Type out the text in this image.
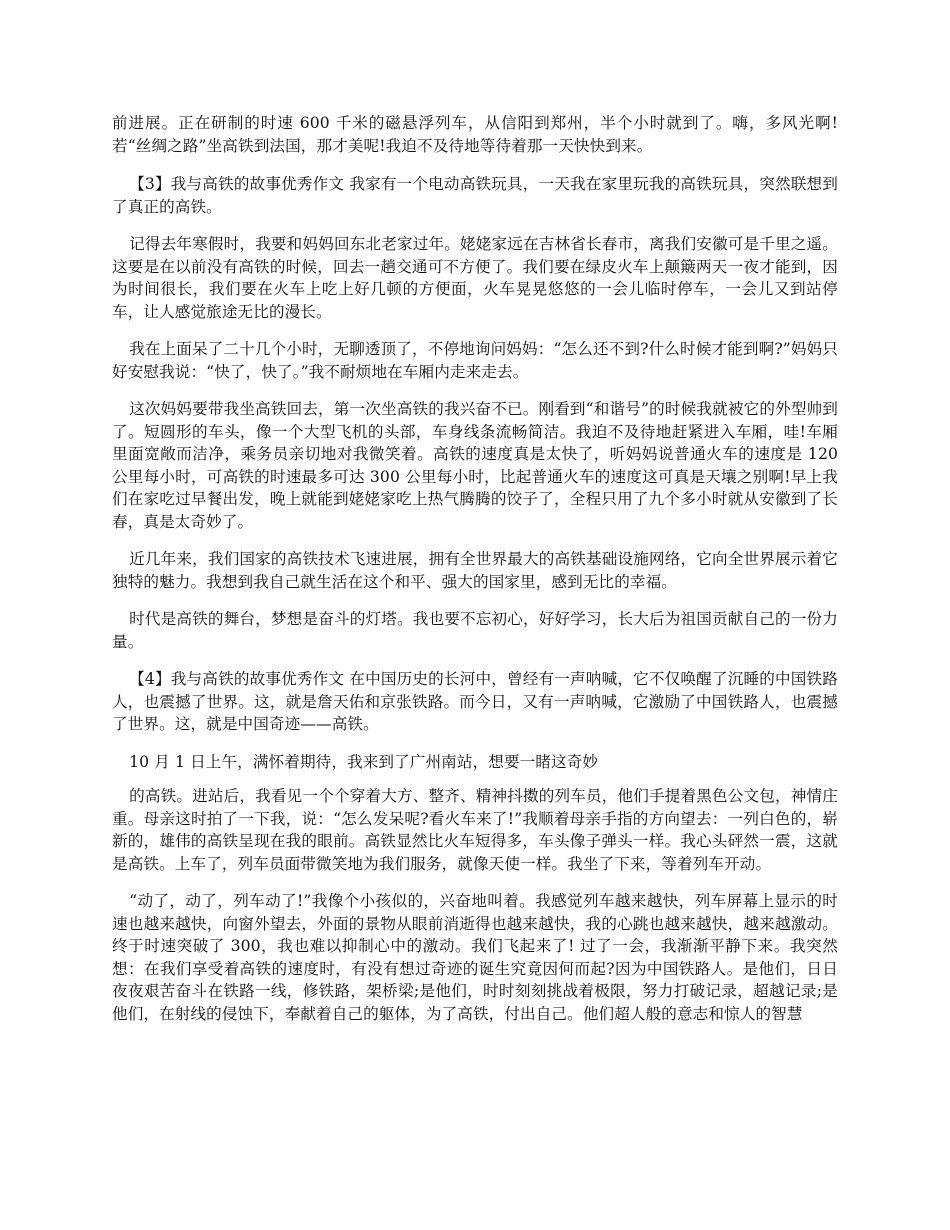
前进展。正在研制的时速 600 千米的磁悬浮列车，从信阳到郑州，半个小时就到了。嗨，多风光啊!若“丝绸之路”坐高铁到法国，那才美呢!我迫不及待地等待着那一天快快到来。

【3】我与高铁的故事优秀作文 我家有一个电动高铁玩具，一天我在家里玩我的高铁玩具，突然联想到了真正的高铁。

记得去年寒假时，我要和妈妈回东北老家过年。姥姥家远在吉林省长春市，离我们安徽可是千里之遥。这要是在以前没有高铁的时候，回去一趟交通可不方便了。我们要在绿皮火车上颠簸两天一夜才能到，因为时间很长，我们要在火车上吃上好几顿的方便面，火车晃晃悠悠的一会儿临时停车，一会儿又到站停车，让人感觉旅途无比的漫长。

我在上面呆了二十几个小时，无聊透顶了，不停地询问妈妈：“怎么还不到?什么时候才能到啊?”妈妈只好安慰我说：“快了，快了。”我不耐烦地在车厢内走来走去。

这次妈妈要带我坐高铁回去，第一次坐高铁的我兴奋不已。刚看到“和谐号”的时候我就被它的外型帅到了。短圆形的车头，像一个大型飞机的头部，车身线条流畅简洁。我迫不及待地赶紧进入车厢，哇!车厢里面宽敞而洁净，乘务员亲切地对我微笑着。高铁的速度真是太快了，听妈妈说普通火车的速度是 120 公里每小时，可高铁的时速最多可达 300 公里每小时，比起普通火车的速度这可真是天壤之别啊!早上我们在家吃过早餐出发，晚上就能到姥姥家吃上热气腾腾的饺子了，全程只用了九个多小时就从安徽到了长春，真是太奇妙了。

近几年来，我们国家的高铁技术飞速进展，拥有全世界最大的高铁基础设施网络，它向全世界展示着它独特的魅力。我想到我自己就生活在这个和平、强大的国家里，感到无比的幸福。

时代是高铁的舞台，梦想是奋斗的灯塔。我也要不忘初心，好好学习，长大后为祖国贡献自己的一份力量。

【4】我与高铁的故事优秀作文 在中国历史的长河中，曾经有一声呐喊，它不仅唤醒了沉睡的中国铁路人，也震撼了世界。这，就是詹天佑和京张铁路。而今日，又有一声呐喊，它激励了中国铁路人，也震撼了世界。这，就是中国奇迹——高铁。

10 月 1 日上午，满怀着期待，我来到了广州南站，想要一睹这奇妙

的高铁。进站后，我看见一个个穿着大方、整齐、精神抖擞的列车员，他们手提着黑色公文包，神情庄重。母亲这时拍了一下我，说：“怎么发呆呢?看火车来了!”我顺着母亲手指的方向望去：一列白色的，崭新的，雄伟的高铁呈现在我的眼前。高铁显然比火车短得多，车头像子弹头一样。我心头砰然一震，这就是高铁。上车了，列车员面带微笑地为我们服务，就像天使一样。我坐了下来，等着列车开动。

“动了，动了，列车动了!”我像个小孩似的，兴奋地叫着。我感觉列车越来越快，列车屏幕上显示的时速也越来越快，向窗外望去，外面的景物从眼前消逝得也越来越快，我的心跳也越来越快，越来越激动。终于时速突破了 300，我也难以抑制心中的激动。我们飞起来了! 过了一会，我渐渐平静下来。我突然想：在我们享受着高铁的速度时，有没有想过奇迹的诞生究竟因何而起?因为中国铁路人。是他们，日日夜夜艰苦奋斗在铁路一线，修铁路，架桥梁;是他们，时时刻刻挑战着极限，努力打破记录，超越记录;是他们，在射线的侵蚀下，奉献着自己的躯体，为了高铁，付出自己。他们超人般的意志和惊人的智慧
